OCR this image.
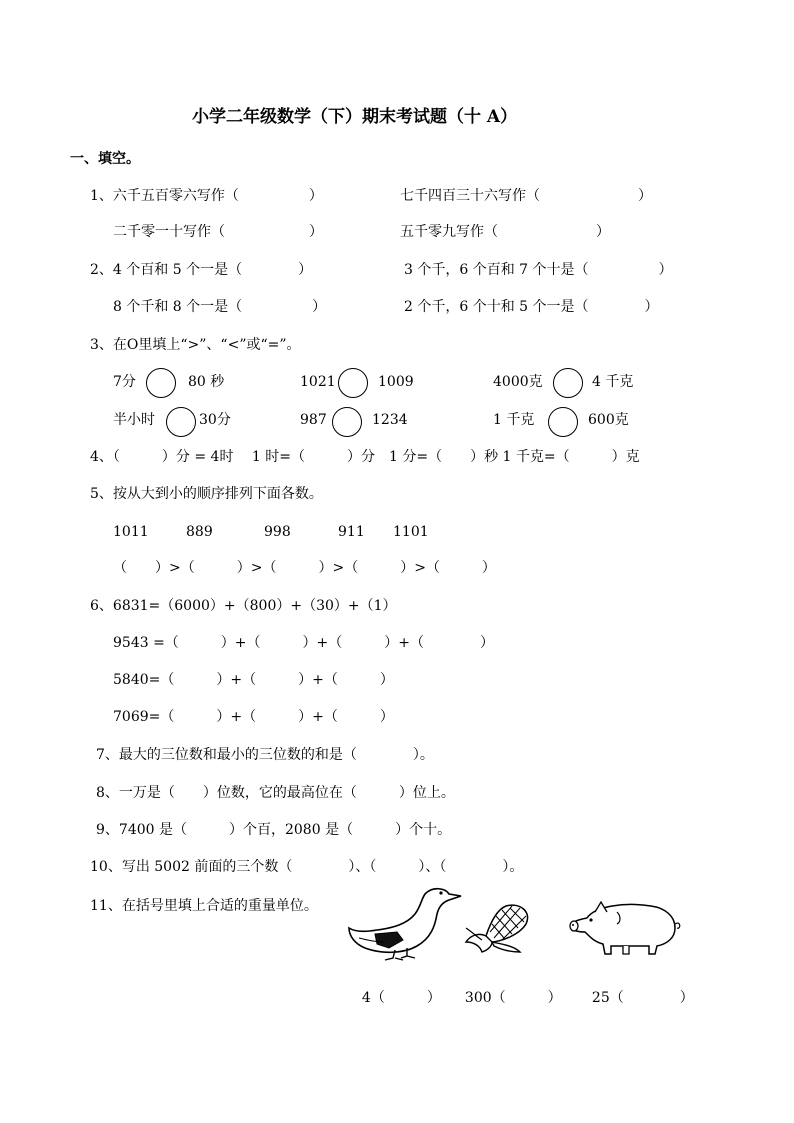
小学二年级数学（下）期末考试题（十 A）
一、填空。
1、六千五百零六写作（　　　　　）	七千四百三十六写作（　　　　　　　）
二千零一十写作（　　　　　　）	五千零九写作（　　　　　　　）
2、4 个百和 5 个一是（　　　　）	3 个千，6 个百和 7 个十是（　　　　　）
8 个千和 8 个一是（　　　　　）	2 个千，6 个十和 5 个一是（　　　　）
3、在O里填上“>”、“<”或“=”。
7分	80 秒	1021	1009	4000克	4 千克
半小时	30分	987	1234	1 千克	600克
4、（　　　）分 = 4时　 1 时=（　　　）分　1 分=（　　）秒 1 千克=（　　　）克
5、按从大到小的顺序排列下面各数。
1011	889	998	911 1101
（　　）>（　　　）>（　　　）>（　　　）>（　　　）
6、6831=（6000）+（800）+（30）+（1）
9543 =（　　　）+（　　　）+（　　　）+（　　　　）
5840=（　　　）+（　　　）+（　　　）
7069=（　　　）+（　　　）+（　　　）
7、最大的三位数和最小的三位数的和是（　　　　）。
8、一万是（　　）位数，它的最高位在（　　　）位上。
9、7400 是（　　　）个百，2080 是（　　　）个十。
10、写出 5002 前面的三个数（　　　　）、（　　　）、（　　　　）。
11、在括号里填上合适的重量单位。

4（　　　）	300（　　　）	25（　　　　）
